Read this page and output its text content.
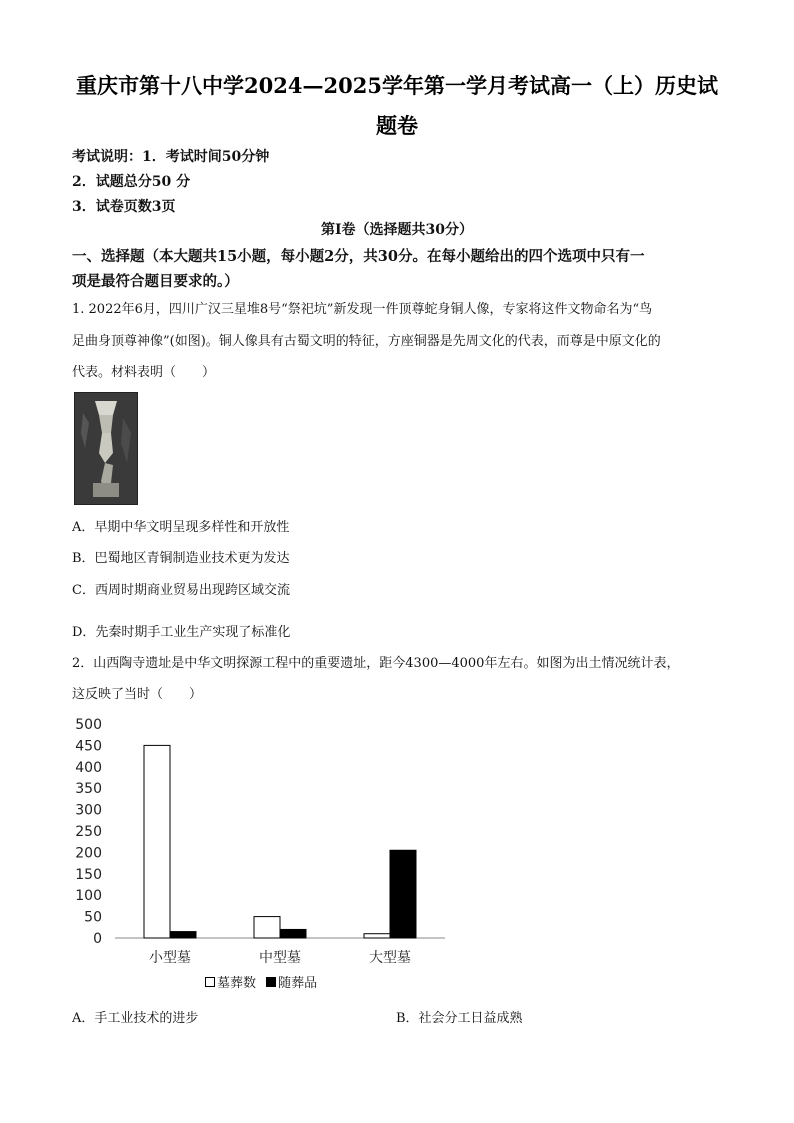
重庆市第十八中学2024—2025学年第一学月考试高一（上）历史试
题卷
考试说明：1．考试时间50分钟
2．试题总分50 分
3．试卷页数3页
第Ⅰ卷（选择题共30分）
一、选择题（本大题共15小题，每小题2分，共30分。在每小题给出的四个选项中只有一
项是最符合题目要求的。）
1. 2022年6月，四川广汉三星堆8号“祭祀坑”新发现一件顶尊蛇身铜人像，专家将这件文物命名为“鸟
足曲身顶尊神像”(如图)。铜人像具有古蜀文明的特征，方座铜器是先周文化的代表，而尊是中原文化的
代表。材料表明（　　）
A．早期中华文明呈现多样性和开放性
B．巴蜀地区青铜制造业技术更为发达
C．西周时期商业贸易出现跨区域交流
D．先秦时期手工业生产实现了标准化
2．山西陶寺遗址是中华文明探源工程中的重要遗址，距今4300—4000年左右。如图为出土情况统计表，
这反映了当时（　　）
0
50
100
150
200
250
300
350
400
450
500
小型墓	中型墓	大型墓
墓葬数 随葬品
A．手工业技术的进步	B．社会分工日益成熟
